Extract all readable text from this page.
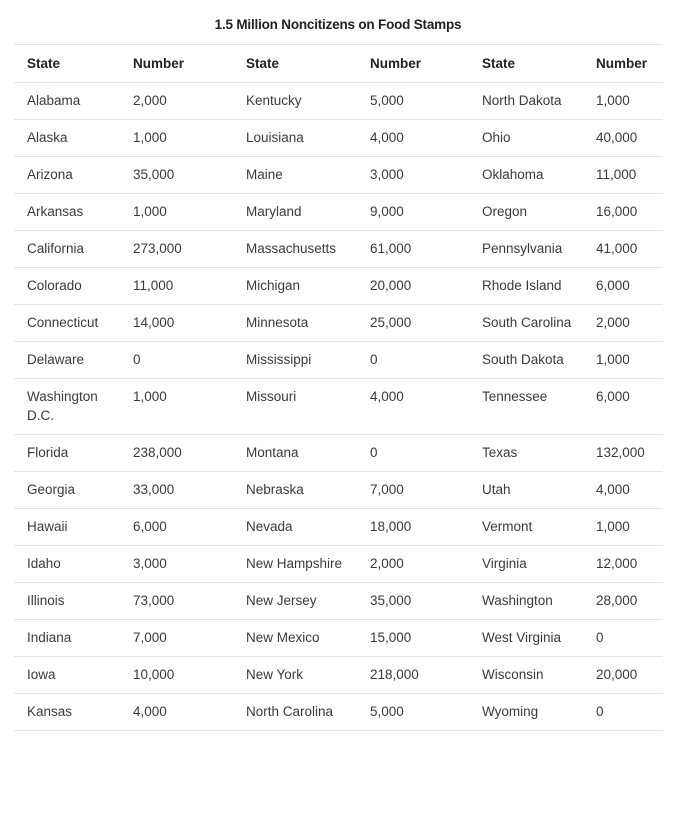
1.5 Million Noncitizens on Food Stamps
State	Number	State	Number	State	Number
Alabama	2,000	Kentucky	5,000	North Dakota	1,000
Alaska	1,000	Louisiana	4,000	Ohio	40,000
Arizona	35,000	Maine	3,000	Oklahoma	11,000
Arkansas	1,000	Maryland	9,000	Oregon	16,000
California	273,000	Massachusetts	61,000	Pennsylvania	41,000
Colorado	11,000	Michigan	20,000	Rhode Island	6,000
Connecticut	14,000	Minnesota	25,000	South Carolina	2,000
Delaware	0	Mississippi	0	South Dakota	1,000
Washington D.C.	1,000	Missouri	4,000	Tennessee	6,000
Florida	238,000	Montana	0	Texas	132,000
Georgia	33,000	Nebraska	7,000	Utah	4,000
Hawaii	6,000	Nevada	18,000	Vermont	1,000
Idaho	3,000	New Hampshire	2,000	Virginia	12,000
Illinois	73,000	New Jersey	35,000	Washington	28,000
Indiana	7,000	New Mexico	15,000	West Virginia	0
Iowa	10,000	New York	218,000	Wisconsin	20,000
Kansas	4,000	North Carolina	5,000	Wyoming	0
